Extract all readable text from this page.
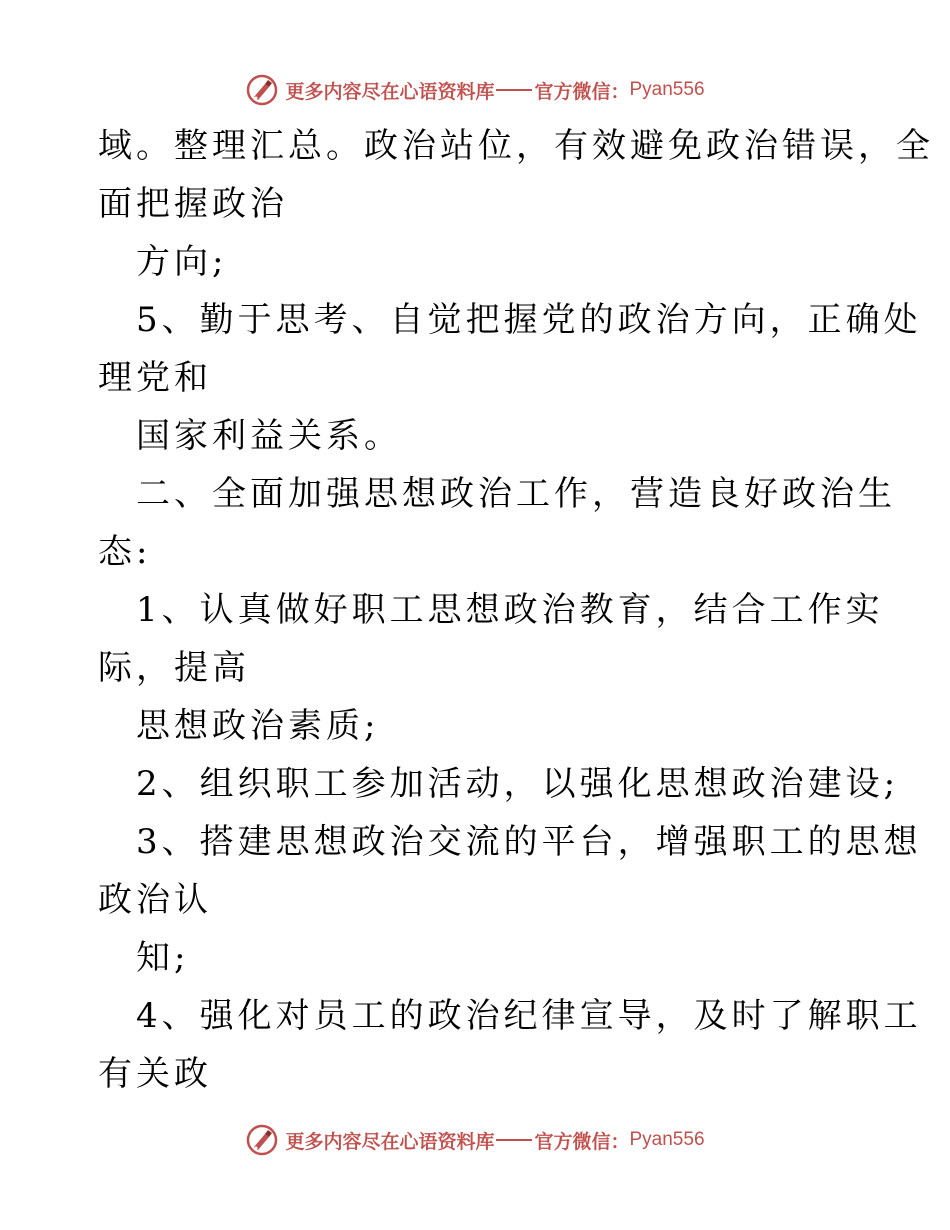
更多内容尽在心语资料库 官方微信： Pyan556
域。整理汇总。政治站位，有效避免政治错误，全
面把握政治
方向;
5、勤于思考、自觉把握党的政治方向，正确处
理党和
国家利益关系。
二、全面加强思想政治工作，营造良好政治生
态:
1、认真做好职工思想政治教育，结合工作实
际，提高
思想政治素质;
2、组织职工参加活动，以强化思想政治建设;
3、搭建思想政治交流的平台，增强职工的思想
政治认
知;
4、强化对员工的政治纪律宣导，及时了解职工
有关政
更多内容尽在心语资料库 官方微信： Pyan556
